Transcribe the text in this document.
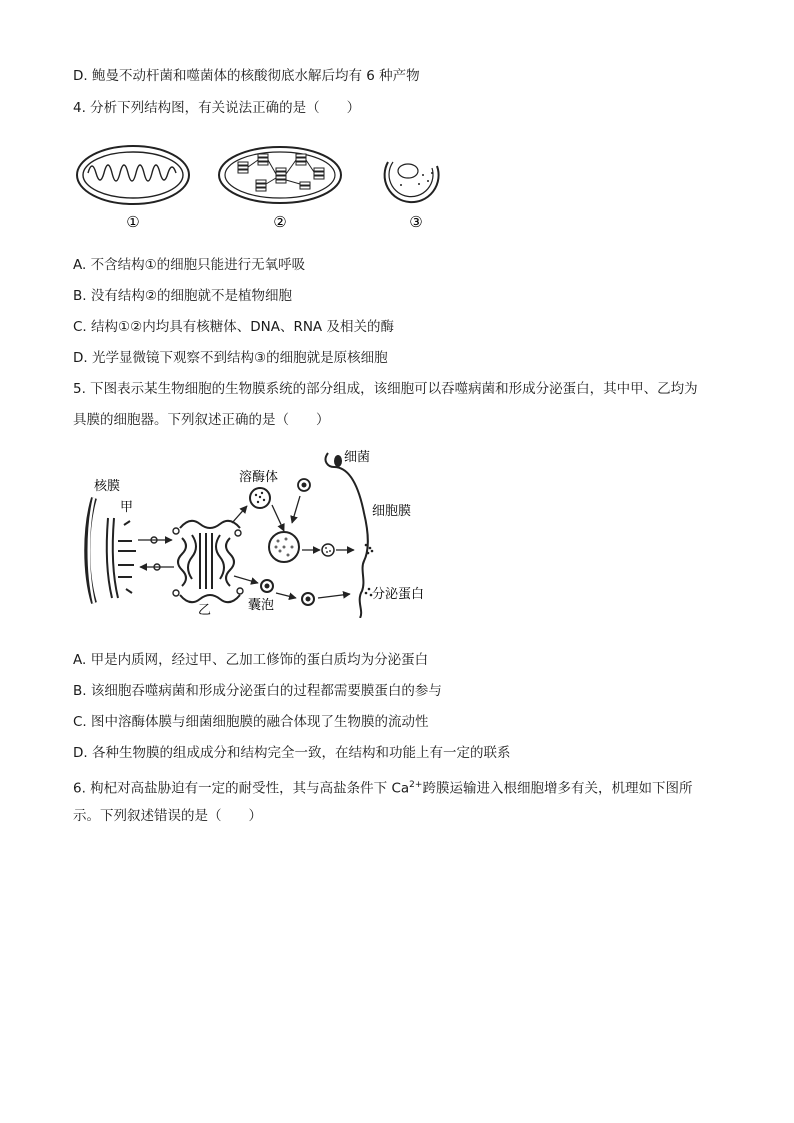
D. 鲍曼不动杆菌和噬菌体的核酸彻底水解后均有 6 种产物
4. 分析下列结构图，有关说法正确的是（　　）
①	②	③
A. 不含结构①的细胞只能进行无氧呼吸
B. 没有结构②的细胞就不是植物细胞
C. 结构①②内均具有核糖体、DNA、RNA 及相关的酶
D. 光学显微镜下观察不到结构③的细胞就是原核细胞
5. 下图表示某生物细胞的生物膜系统的部分组成，该细胞可以吞噬病菌和形成分泌蛋白，其中甲、乙均为
具膜的细胞器。下列叙述正确的是（　　）
核膜
甲
乙
溶酶体
细菌
细胞膜
囊泡
分泌蛋白
A. 甲是内质网，经过甲、乙加工修饰的蛋白质均为分泌蛋白
B. 该细胞吞噬病菌和形成分泌蛋白的过程都需要膜蛋白的参与
C. 图中溶酶体膜与细菌细胞膜的融合体现了生物膜的流动性
D. 各种生物膜的组成成分和结构完全一致，在结构和功能上有一定的联系
6. 枸杞对高盐胁迫有一定的耐受性，其与高盐条件下 $Ca^{2+}$跨膜运输进入根细胞增多有关，机理如下图所
示。下列叙述错误的是（　　）
